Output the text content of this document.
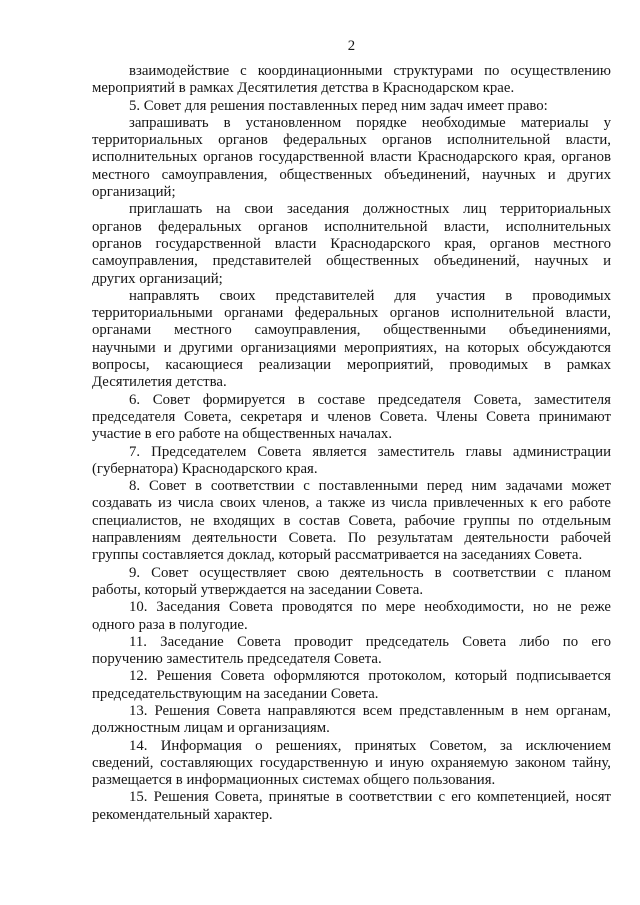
2
взаимодействие с координационными структурами по осуществлению
мероприятий в рамках Десятилетия детства в Краснодарском крае.
5. Совет для решения поставленных перед ним задач имеет право:
запрашивать в установленном порядке необходимые материалы у
территориальных органов федеральных органов исполнительной власти,
исполнительных органов государственной власти Краснодарского края, органов
местного самоуправления, общественных объединений, научных и других
организаций;
приглашать на свои заседания должностных лиц территориальных
органов федеральных органов исполнительной власти, исполнительных
органов государственной власти Краснодарского края, органов местного
самоуправления, представителей общественных объединений, научных и
других организаций;
направлять своих представителей для участия в проводимых
территориальными органами федеральных органов исполнительной власти,
органами местного самоуправления, общественными объединениями,
научными и другими организациями мероприятиях, на которых обсуждаются
вопросы, касающиеся реализации мероприятий, проводимых в рамках
Десятилетия детства.
6. Совет формируется в составе председателя Совета, заместителя
председателя Совета, секретаря и членов Совета. Члены Совета принимают
участие в его работе на общественных началах.
7. Председателем Совета является заместитель главы администрации
(губернатора) Краснодарского края.
8. Совет в соответствии с поставленными перед ним задачами может
создавать из числа своих членов, а также из числа привлеченных к его работе
специалистов, не входящих в состав Совета, рабочие группы по отдельным
направлениям деятельности Совета. По результатам деятельности рабочей
группы составляется доклад, который рассматривается на заседаниях Совета.
9. Совет осуществляет свою деятельность в соответствии с планом
работы, который утверждается на заседании Совета.
10. Заседания Совета проводятся по мере необходимости, но не реже
одного раза в полугодие.
11. Заседание Совета проводит председатель Совета либо по его
поручению заместитель председателя Совета.
12. Решения Совета оформляются протоколом, который подписывается
председательствующим на заседании Совета.
13. Решения Совета направляются всем представленным в нем органам,
должностным лицам и организациям.
14. Информация о решениях, принятых Советом, за исключением
сведений, составляющих государственную и иную охраняемую законом тайну,
размещается в информационных системах общего пользования.
15. Решения Совета, принятые в соответствии с его компетенцией, носят
рекомендательный характер.
